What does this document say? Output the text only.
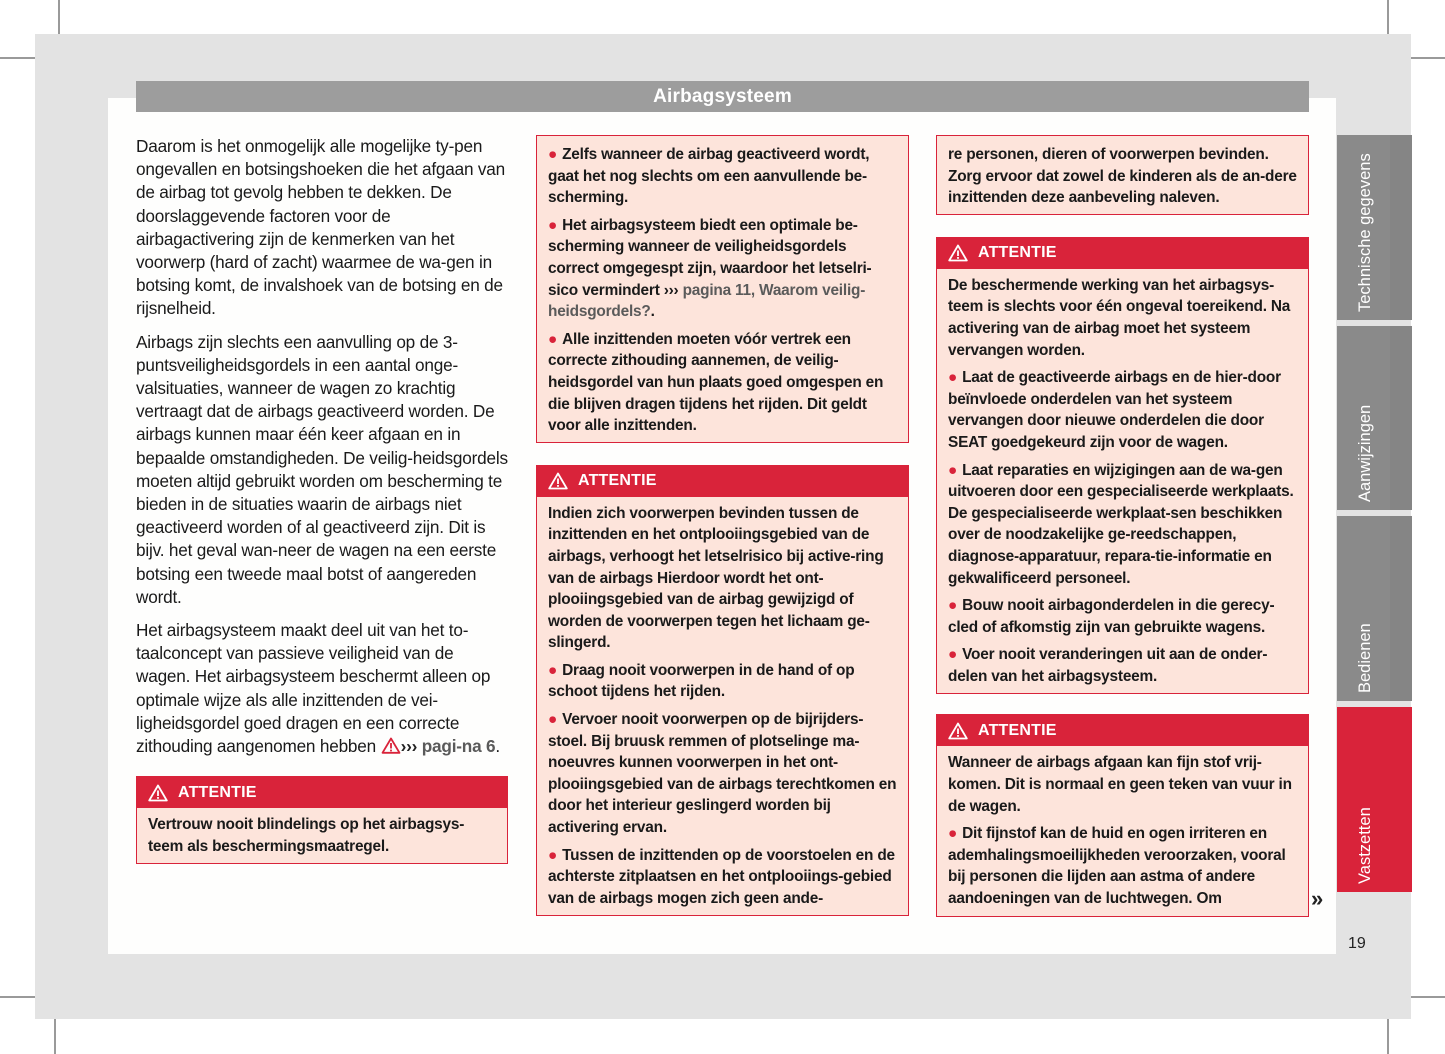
Airbagsysteem

Daarom is het onmogelijk alle mogelijke ty-pen ongevallen en botsingshoeken die het afgaan van de airbag tot gevolg hebben te dekken. De doorslaggevende factoren voor de airbagactivering zijn de kenmerken van het voorwerp (hard of zacht) waarmee de wa-gen in botsing komt, de invalshoek van de botsing en de rijsnelheid.

Airbags zijn slechts een aanvulling op de 3-puntsveiligheidsgordels in een aantal onge-valsituaties, wanneer de wagen zo krachtig vertraagt dat de airbags geactiveerd worden. De airbags kunnen maar één keer afgaan en in bepaalde omstandigheden. De veilig-heidsgordels moeten altijd gebruikt worden om bescherming te bieden in de situaties waarin de airbags niet geactiveerd worden of al geactiveerd zijn. Dit is bijv. het geval wan-neer de wagen na een eerste botsing een tweede maal botst of aangereden wordt.

Het airbagsysteem maakt deel uit van het to-taalconcept van passieve veiligheid van de wagen. Het airbagsysteem beschermt alleen op optimale wijze als alle inzittenden de vei-ligheidsgordel goed dragen en een correcte zithouding aangenomen hebben ››› pagi-na 6.

ATTENTIE

Vertrouw nooit blindelings op het airbagsys-teem als beschermingsmaatregel.

● Zelfs wanneer de airbag geactiveerd wordt, gaat het nog slechts om een aanvullende be-scherming.

● Het airbagsysteem biedt een optimale be-scherming wanneer de veiligheidsgordels correct omgegespt zijn, waardoor het letselri-sico vermindert ››› pagina 11, Waarom veilig-heidsgordels?.

● Alle inzittenden moeten vóór vertrek een correcte zithouding aannemen, de veilig-heidsgordel van hun plaats goed omgespen en die blijven dragen tijdens het rijden. Dit geldt voor alle inzittenden.

ATTENTIE

Indien zich voorwerpen bevinden tussen de inzittenden en het ontplooiingsgebied van de airbags, verhoogt het letselrisico bij active-ring van de airbags Hierdoor wordt het ont-plooiingsgebied van de airbag gewijzigd of worden de voorwerpen tegen het lichaam ge-slingerd.

● Draag nooit voorwerpen in de hand of op schoot tijdens het rijden.

● Vervoer nooit voorwerpen op de bijrijders-stoel. Bij bruusk remmen of plotselinge ma-noeuvres kunnen voorwerpen in het ont-plooiingsgebied van de airbags terechtkomen en door het interieur geslingerd worden bij activering ervan.

● Tussen de inzittenden op de voorstoelen en de achterste zitplaatsen en het ontplooiings-gebied van de airbags mogen zich geen ande-

re personen, dieren of voorwerpen bevinden. Zorg ervoor dat zowel de kinderen als de an-dere inzittenden deze aanbeveling naleven.

ATTENTIE

De beschermende werking van het airbagsys-teem is slechts voor één ongeval toereikend. Na activering van de airbag moet het systeem vervangen worden.

● Laat de geactiveerde airbags en de hier-door beïnvloede onderdelen van het systeem vervangen door nieuwe onderdelen die door SEAT goedgekeurd zijn voor de wagen.

● Laat reparaties en wijzigingen aan de wa-gen uitvoeren door een gespecialiseerde werkplaats. De gespecialiseerde werkplaat-sen beschikken over de noodzakelijke ge-reedschappen, diagnose-apparatuur, repara-tie-informatie en gekwalificeerd personeel.

● Bouw nooit airbagonderdelen in die gerecy-cled of afkomstig zijn van gebruikte wagens.

● Voer nooit veranderingen uit aan de onder-delen van het airbagsysteem.

ATTENTIE

Wanneer de airbags afgaan kan fijn stof vrij-komen. Dit is normaal en geen teken van vuur in de wagen.

● Dit fijnstof kan de huid en ogen irriteren en ademhalingsmoeilijkheden veroorzaken, vooral bij personen die lijden aan astma of andere aandoeningen van de luchtwegen. Om

Technische gegevens
Aanwijzingen
Bedienen
Vastzetten
»
19
